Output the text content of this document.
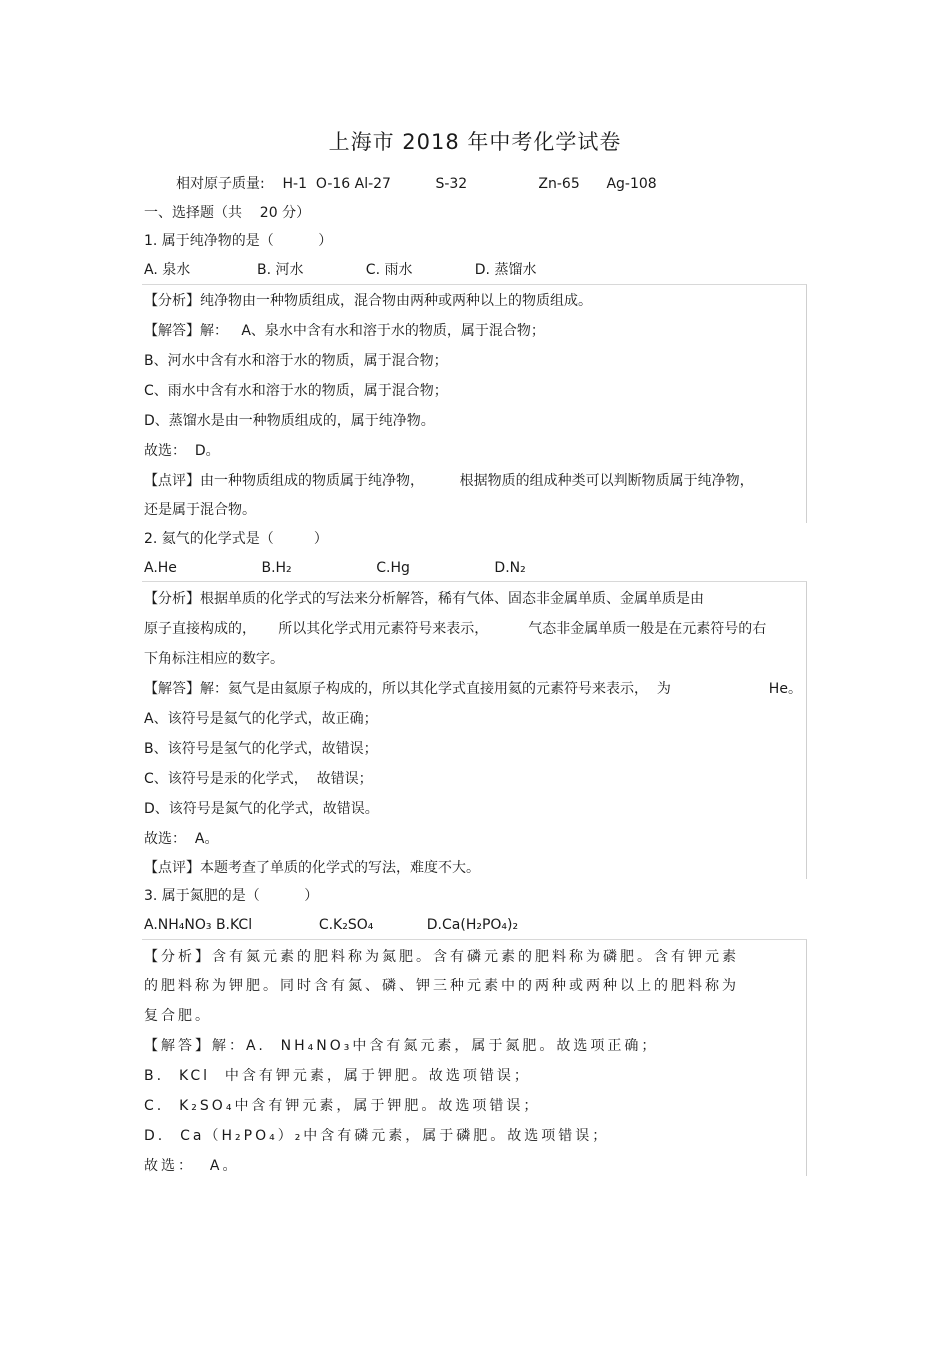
上海市 2018 年中考化学试卷
相对原子质量:    H-1  O-16 Al-27          S-32                Zn-65      Ag-108
一、选择题（共    20 分）
1. 属于纯净物的是（          ）
A. 泉水               B. 河水              C. 雨水              D. 蒸馏水
【分析】纯净物由一种物质组成，混合物由两种或两种以上的物质组成。
【解答】解：   A、泉水中含有水和溶于水的物质，属于混合物；
B、河水中含有水和溶于水的物质，属于混合物；
C、雨水中含有水和溶于水的物质，属于混合物；
D、蒸馏水是由一种物质组成的，属于纯净物。
故选：  D。
【点评】由一种物质组成的物质属于纯净物，        根据物质的组成种类可以判断物质属于纯净物，
还是属于混合物。
2. 氦气的化学式是（         ）
A.He                   B.H₂                   C.Hg                   D.N₂
【分析】根据单质的化学式的写法来分析解答，稀有气体、固态非金属单质、金属单质是由
原子直接构成的，     所以其化学式用元素符号来表示，         气态非金属单质一般是在元素符号的右
下角标注相应的数字。
【解答】解：氦气是由氦原子构成的，所以其化学式直接用氦的元素符号来表示，  为                      He。
A、该符号是氦气的化学式，故正确；
B、该符号是氢气的化学式，故错误；
C、该符号是汞的化学式，  故错误；
D、该符号是氮气的化学式，故错误。
故选：  A。
【点评】本题考查了单质的化学式的写法，难度不大。
3. 属于氮肥的是（          ）
A.NH₄NO₃ B.KCl               C.K₂SO₄            D.Ca(H₂PO₄)₂
【分析】含有氮元素的肥料称为氮肥。含有磷元素的肥料称为磷肥。含有钾元素
的肥料称为钾肥。同时含有氮、磷、钾三种元素中的两种或两种以上的肥料称为
复合肥。
【解答】解：A.  NH₄NO₃中含有氮元素，属于氮肥。故选项正确；
B.  KCl  中含有钾元素，属于钾肥。故选项错误；
C.  K₂SO₄中含有钾元素，属于钾肥。故选项错误；
D.  Ca（H₂PO₄）₂中含有磷元素，属于磷肥。故选项错误；
故选：  A。
